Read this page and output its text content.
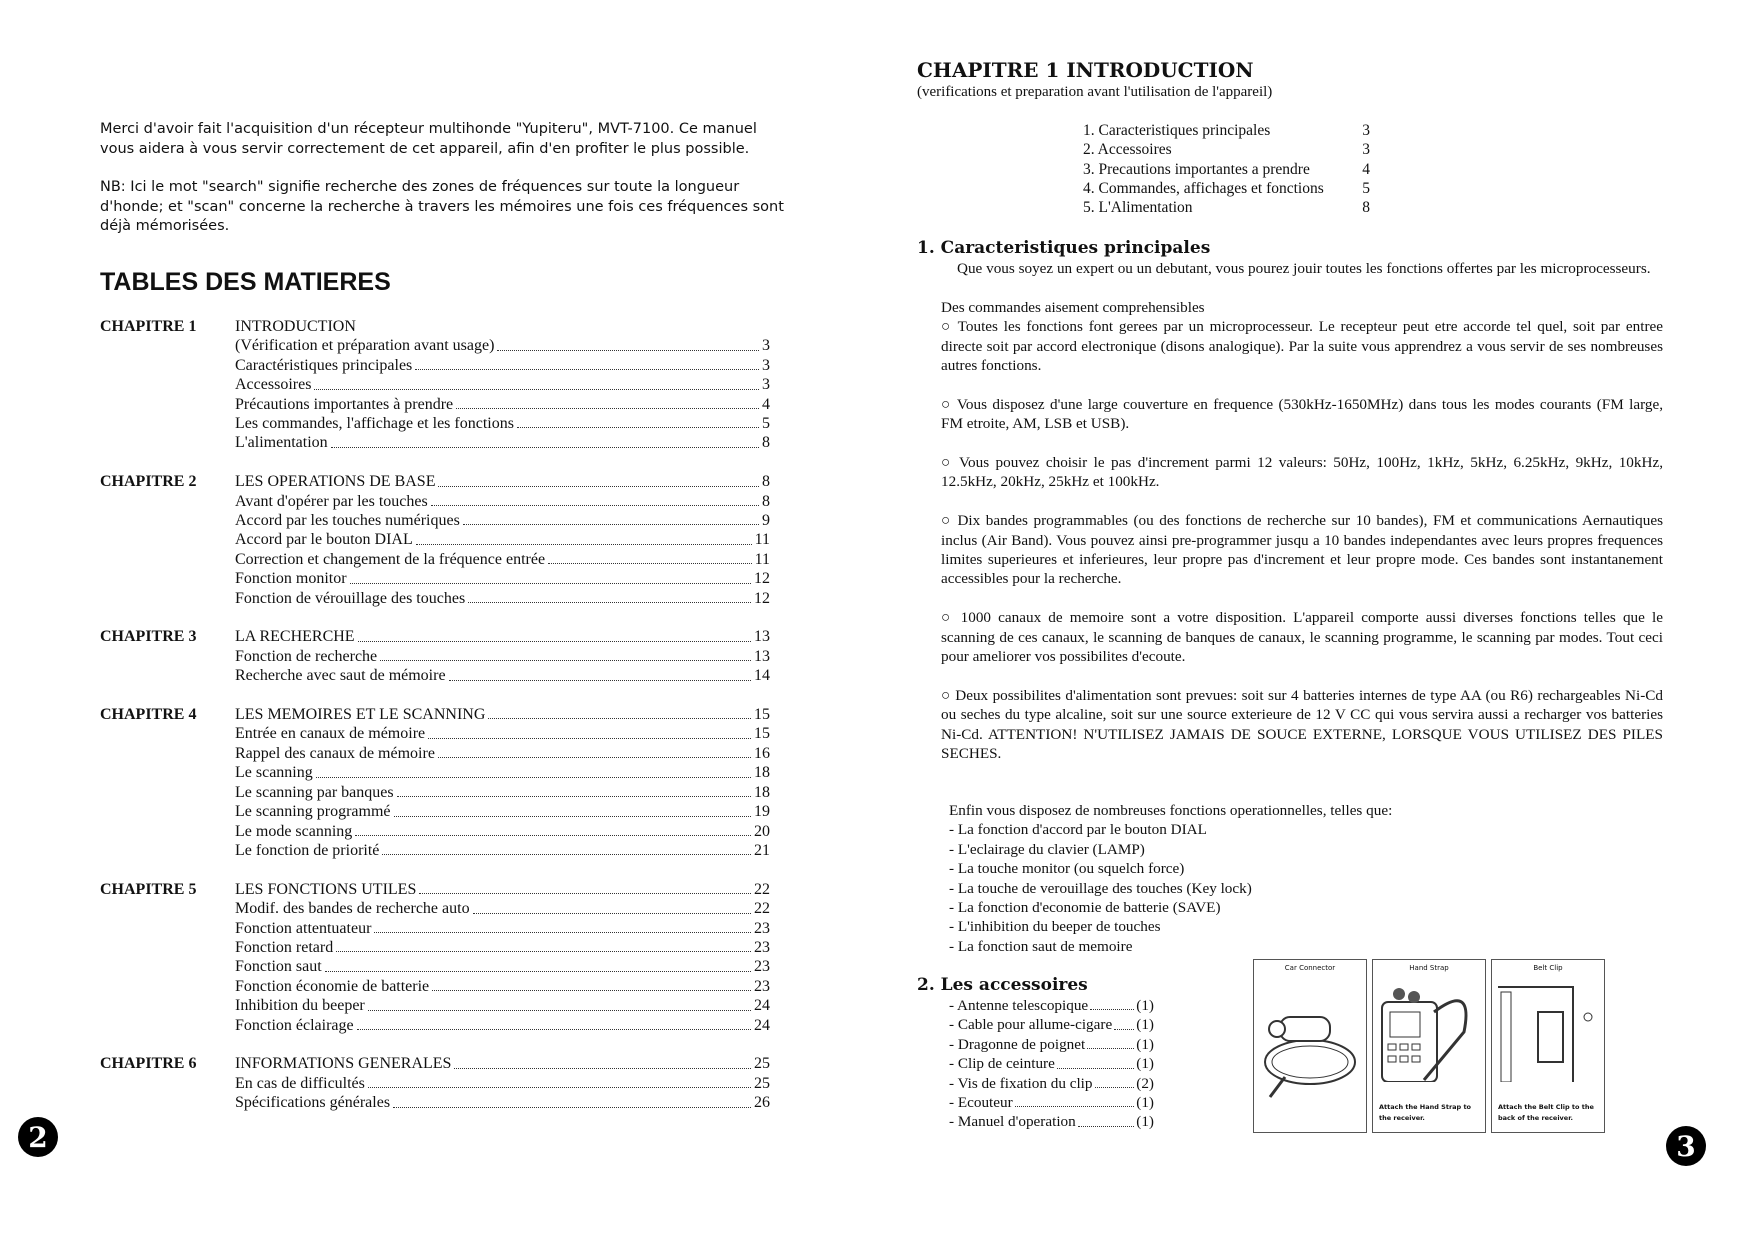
Merci d'avoir fait l'acquisition d'un récepteur multihonde "Yupiteru", MVT-7100. Ce manuel vous aidera à vous servir correctement de cet appareil, afin d'en profiter le plus possible.

NB: Ici le mot "search" signifie recherche des zones de fréquences sur toute la longueur d'honde; et "scan" concerne la recherche à travers les mémoires une fois ces fréquences sont déjà mémorisées.

TABLES DES MATIERES
CHAPITRE 1	INTRODUCTION
(Vérification et préparation avant usage)	3
Caractéristiques principales	3
Accessoires	3
Précautions importantes à prendre	4
Les commandes, l'affichage et les fonctions	5
L'alimentation	8
CHAPITRE 2	LES OPERATIONS DE BASE	8
Avant d'opérer par les touches	8
Accord par les touches numériques	9
Accord par le bouton DIAL	11
Correction et changement de la fréquence entrée	11
Fonction monitor	12
Fonction de vérouillage des touches	12
CHAPITRE 3	LA RECHERCHE	13
Fonction de recherche	13
Recherche avec saut de mémoire	14
CHAPITRE 4	LES MEMOIRES ET LE SCANNING	15
Entrée en canaux de mémoire	15
Rappel des canaux de mémoire	16
Le scanning	18
Le scanning par banques	18
Le scanning programmé	19
Le mode scanning	20
Le fonction de priorité	21
CHAPITRE 5	LES FONCTIONS UTILES	22
Modif. des bandes de recherche auto	22
Fonction attentuateur	23
Fonction retard	23
Fonction saut	23
Fonction économie de batterie	23
Inhibition du beeper	24
Fonction éclairage	24
CHAPITRE 6	INFORMATIONS GENERALES	25
En cas de difficultés	25
Spécifications générales	26
2
CHAPITRE 1 INTRODUCTION
(verifications et preparation avant l'utilisation de l'appareil)
1. Caracteristiques principales	3
2. Accessoires	3
3. Precautions importantes a prendre	4
4. Commandes, affichages et fonctions 5
5. L'Alimentation	8
1. Caracteristiques principales

Que vous soyez un expert ou un debutant, vous pourez jouir toutes les fonctions offertes par les microprocesseurs.

Des commandes aisement comprehensibles
○ Toutes les fonctions font gerees par un microprocesseur. Le recepteur peut etre accorde tel quel, soit par entree directe soit par accord electronique (disons analogique). Par la suite vous apprendrez a vous servir de ses nombreuses autres fonctions.

○ Vous disposez d'une large couverture en frequence (530kHz-1650MHz) dans tous les modes courants (FM large, FM etroite, AM, LSB et USB).

○ Vous pouvez choisir le pas d'increment parmi 12 valeurs: 50Hz, 100Hz, 1kHz, 5kHz, 6.25kHz, 9kHz, 10kHz, 12.5kHz, 20kHz, 25kHz et 100kHz.

○ Dix bandes programmables (ou des fonctions de recherche sur 10 bandes), FM et communications Aernautiques inclus (Air Band). Vous pouvez ainsi pre-programmer jusqu a 10 bandes independantes avec leurs propres frequences limites superieures et inferieures, leur propre pas d'increment et leur propre mode. Ces bandes sont instantanement accessibles pour la recherche.

○ 1000 canaux de memoire sont a votre disposition. L'appareil comporte aussi diverses fonctions telles que le scanning de ces canaux, le scanning de banques de canaux, le scanning programme, le scanning par modes. Tout ceci pour ameliorer vos possibilites d'ecoute.

○ Deux possibilites d'alimentation sont prevues: soit sur 4 batteries internes de type AA (ou R6) rechargeables Ni-Cd ou seches du type alcaline, soit sur une source exterieure de 12 V CC qui vous servira aussi a recharger vos batteries Ni-Cd. ATTENTION! N'UTILISEZ JAMAIS DE SOUCE EXTERNE, LORSQUE VOUS UTILISEZ DES PILES SECHES.

Enfin vous disposez de nombreuses fonctions operationnelles, telles que:
- La fonction d'accord par le bouton DIAL
- L'eclairage du clavier (LAMP)
- La touche monitor (ou squelch force)
- La touche de verouillage des touches (Key lock)
- La fonction d'economie de batterie (SAVE)
- L'inhibition du beeper de touches
- La fonction saut de memoire
2. Les accessoires
- Antenne telescopique	(1)
- Cable pour allume-cigare (1)
- Dragonne de poignet	(1)
- Clip de ceinture	(1)
- Vis de fixation du clip	(2)
- Ecouteur	(1)
- Manuel d'operation	(1)
Car Connector	Hand Strap
Attach the Hand Strap to the receiver.
Belt Clip
Attach the Belt Clip to the back of the receiver.
3
